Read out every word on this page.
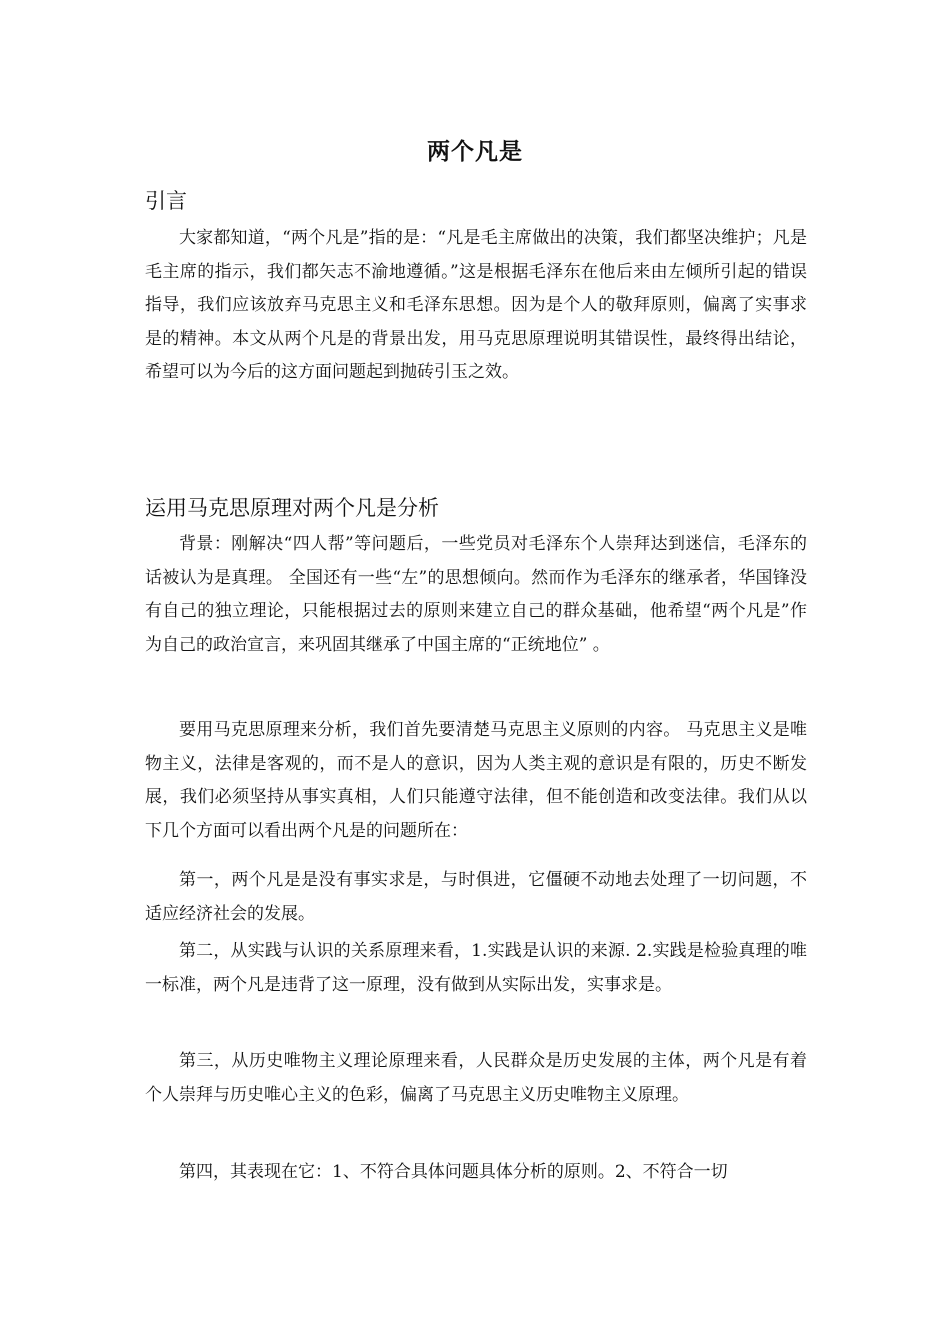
两个凡是
引言

大家都知道，“两个凡是”指的是：“凡是毛主席做出的决策，我们都坚决维护；凡是毛主席的指示，我们都矢志不渝地遵循。”这是根据毛泽东在他后来由左倾所引起的错误指导，我们应该放弃马克思主义和毛泽东思想。因为是个人的敬拜原则，偏离了实事求是的精神。本文从两个凡是的背景出发，用马克思原理说明其错误性，最终得出结论，希望可以为今后的这方面问题起到抛砖引玉之效。

运用马克思原理对两个凡是分析

背景：刚解决“四人帮”等问题后，一些党员对毛泽东个人崇拜达到迷信，毛泽东的话被认为是真理。 全国还有一些“左”的思想倾向。然而作为毛泽东的继承者，华国锋没有自己的独立理论，只能根据过去的原则来建立自己的群众基础，他希望“两个凡是”作为自己的政治宣言，来巩固其继承了中国主席的“正统地位” 。

要用马克思原理来分析，我们首先要清楚马克思主义原则的内容。 马克思主义是唯物主义，法律是客观的，而不是人的意识，因为人类主观的意识是有限的，历史不断发展，我们必须坚持从事实真相，人们只能遵守法律，但不能创造和改变法律。我们从以下几个方面可以看出两个凡是的问题所在：

第一，两个凡是是没有事实求是，与时俱进，它僵硬不动地去处理了一切问题，不适应经济社会的发展。

第二，从实践与认识的关系原理来看，1.实践是认识的来源. 2.实践是检验真理的唯一标准，两个凡是违背了这一原理，没有做到从实际出发，实事求是。

第三，从历史唯物主义理论原理来看，人民群众是历史发展的主体，两个凡是有着个人崇拜与历史唯心主义的色彩，偏离了马克思主义历史唯物主义原理。

第四，其表现在它：1、不符合具体问题具体分析的原则。2、不符合一切
